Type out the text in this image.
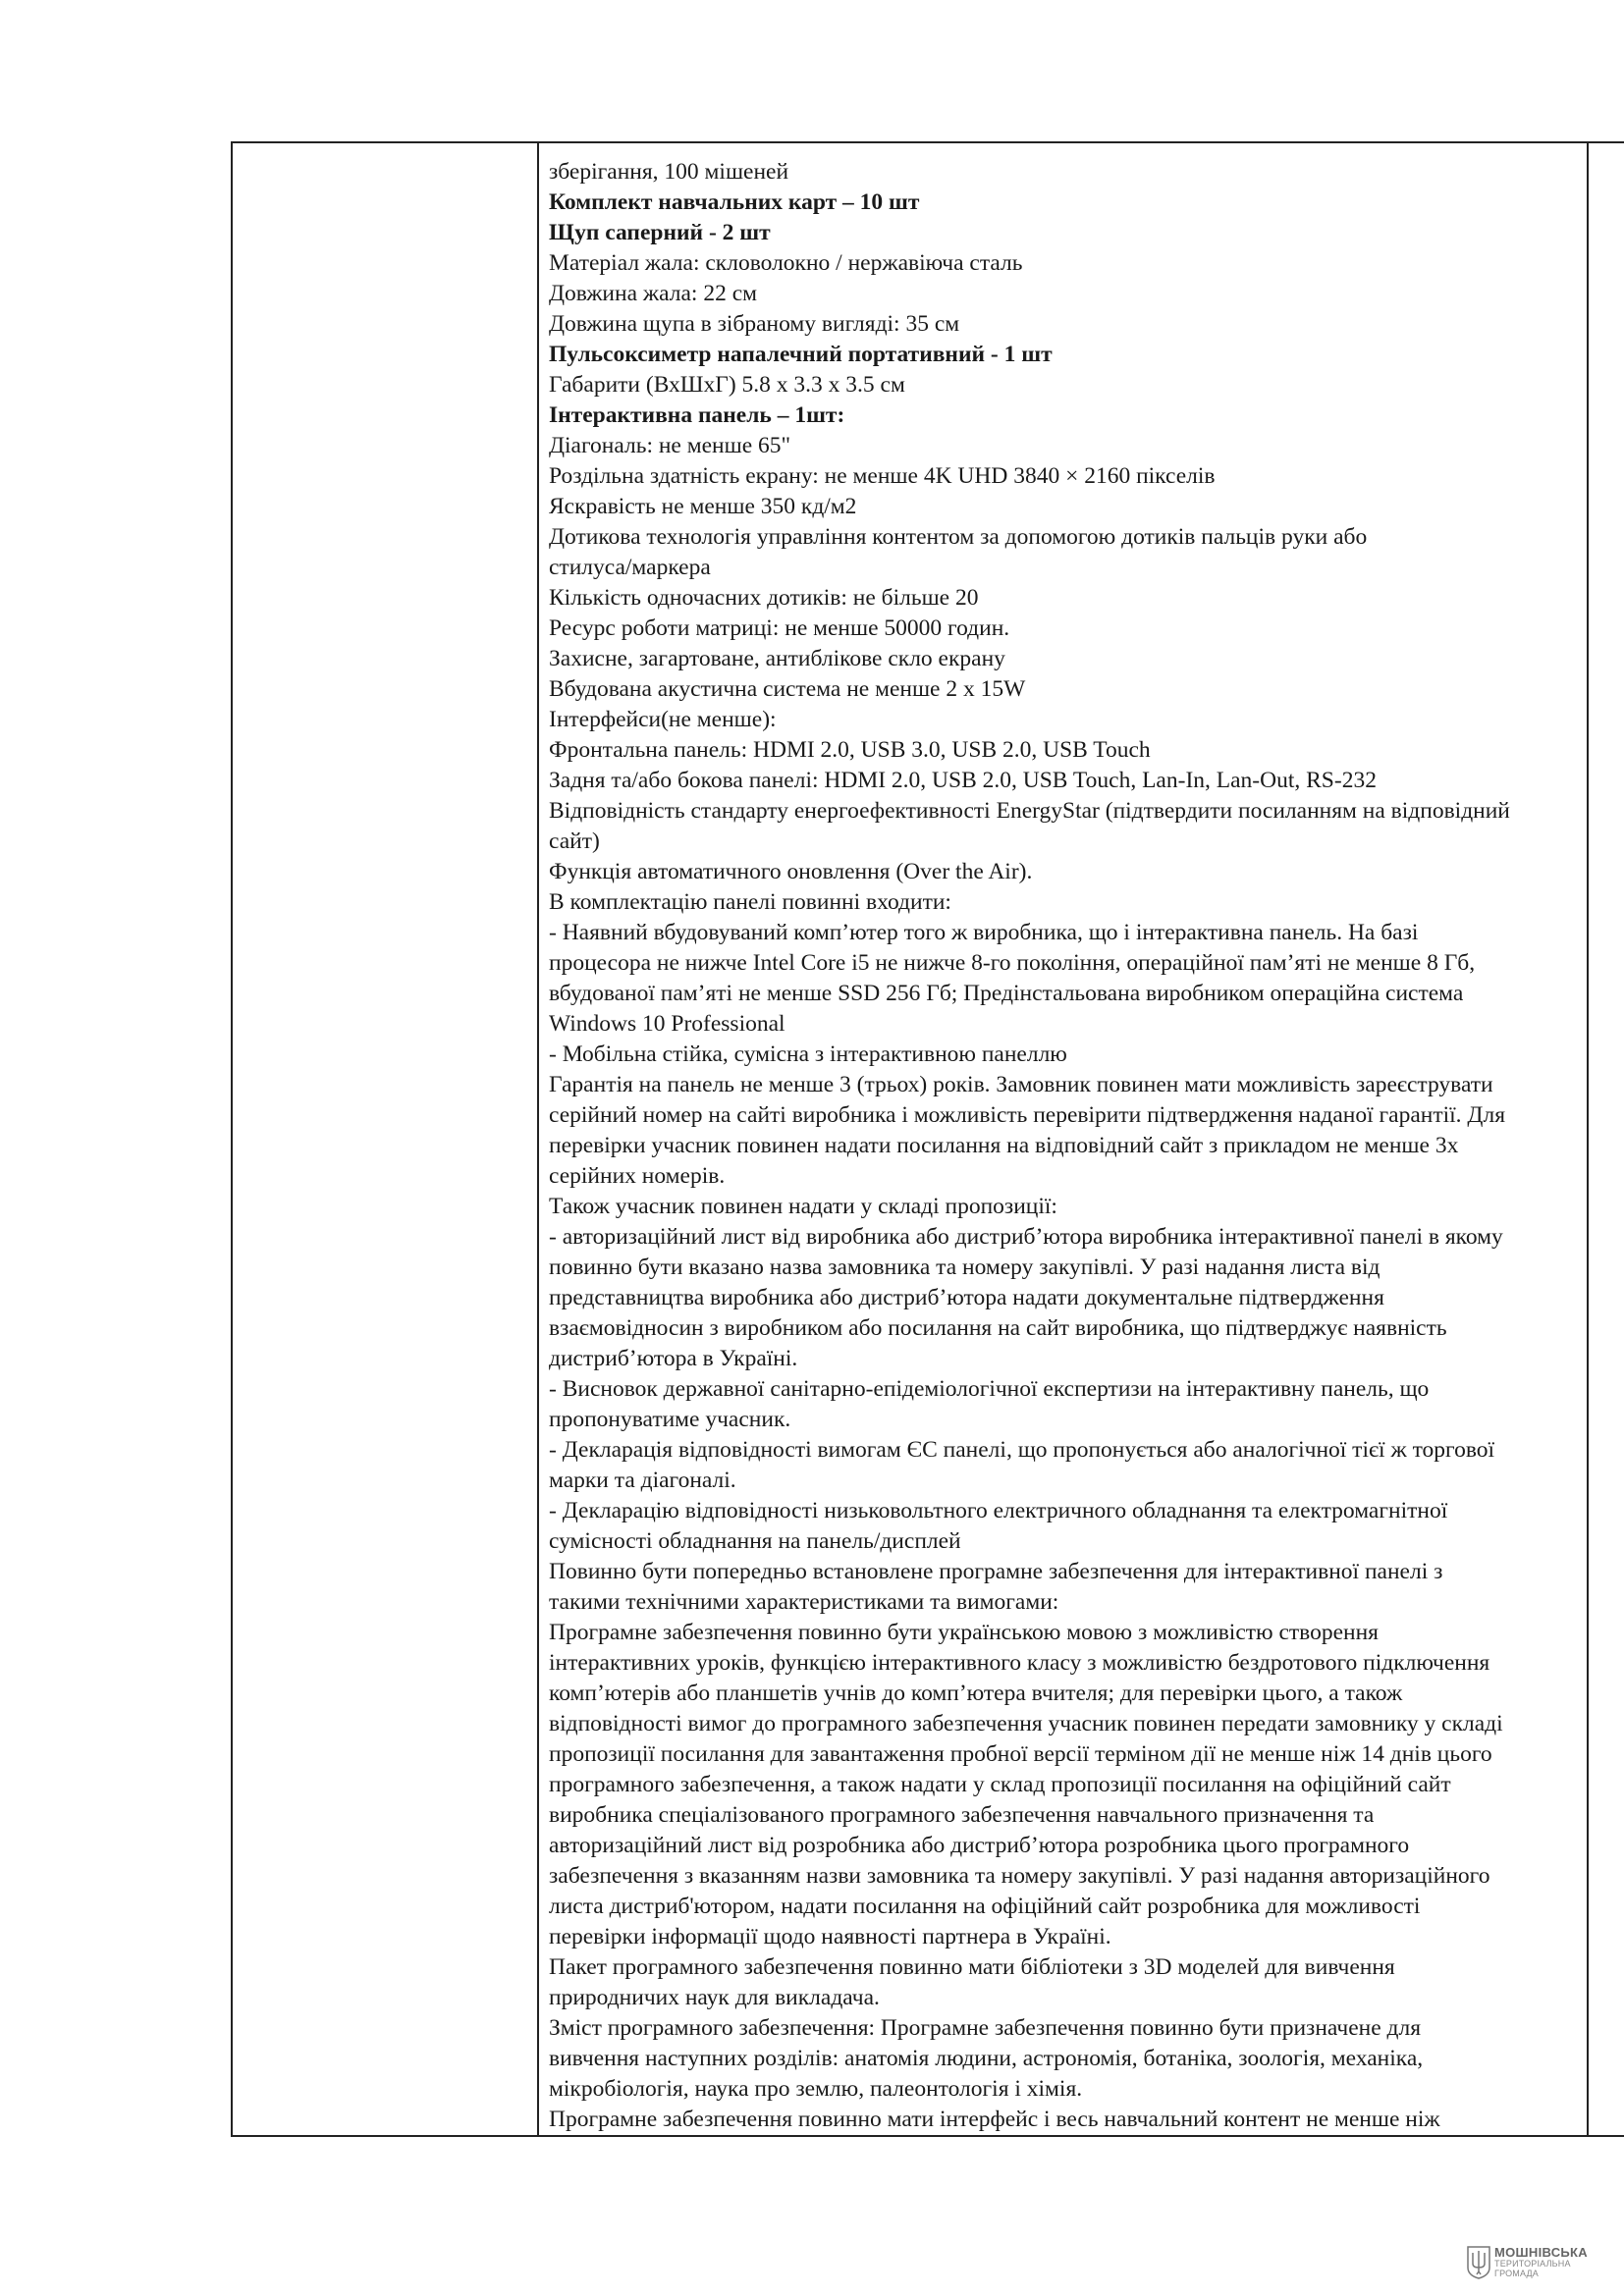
зберігання, 100 мішеней

Комплект навчальних карт – 10 шт

Щуп саперний - 2 шт

Матеріал жала: скловолокно / нержавіюча сталь

Довжина жала: 22 см

Довжина щупа в зібраному вигляді: 35 см

Пульсоксиметр напалечний портативний - 1 шт

Габарити (ВхШхГ) 5.8 x 3.3 x 3.5 см

Інтерактивна панель – 1шт:

Діагональ: не менше 65"

Роздільна здатність екрану: не менше 4K UHD 3840 × 2160 пікселів

Яскравість не менше 350 кд/м2

Дотикова технологія управління контентом за допомогою дотиків пальців руки або

стилуса/маркера

Кількість одночасних дотиків: не більше 20

Ресурс роботи матриці: не менше 50000 годин.

Захисне, загартоване, антиблікове скло екрану

Вбудована акустична система не менше 2 x 15W

Інтерфейси(не менше):

Фронтальна панель: HDMI 2.0, USB 3.0, USB 2.0, USB Touch

Задня та/або бокова панелі: HDMI 2.0, USB 2.0, USB Touch, Lan-In, Lan-Out, RS-232

Відповідність стандарту енергоефективності EnergyStar (підтвердити посиланням на відповідний

сайт)

Функція автоматичного оновлення (Over the Air).

В комплектацію панелі повинні входити:

- Наявний вбудовуваний комп’ютер того ж виробника, що і інтерактивна панель. На базі

процесора не нижче Intel Core i5 не нижче 8-го покоління, операційної пам’яті не менше 8 Гб,

вбудованої пам’яті не менше SSD 256 Гб; Предінстальована виробником операційна система

Windows 10 Professional

- Мобільна стійка, сумісна з інтерактивною панеллю

Гарантія на панель не менше 3 (трьох) років. Замовник повинен мати можливість зареєструвати

серійний номер на сайті виробника і можливість перевірити підтвердження наданої гарантії. Для

перевірки учасник повинен надати посилання на відповідний сайт з прикладом не менше 3х

серійних номерів.

Також учасник повинен надати у складі пропозиції:

- авторизаційний лист від виробника або дистриб’ютора виробника інтерактивної панелі в якому

повинно бути вказано назва замовника та номеру закупівлі. У разі надання листа від

представництва виробника або дистриб’ютора надати документальне підтвердження

взаємовідносин з виробником або посилання на сайт виробника, що підтверджує наявність

дистриб’ютора в Україні.

- Висновок державної санітарно-епідеміологічної експертизи на інтерактивну панель, що

пропонуватиме учасник.

- Декларація відповідності вимогам ЄС панелі, що пропонується або аналогічної тієї ж торгової

марки та діагоналі.

- Декларацію відповідності низьковольтного електричного обладнання та електромагнітної

сумісності обладнання на панель/дисплей

Повинно бути попередньо встановлене програмне забезпечення для інтерактивної панелі з

такими технічними характеристиками та вимогами:

Програмне забезпечення повинно бути українською мовою з можливістю створення

інтерактивних уроків, функцією інтерактивного класу з можливістю бездротового підключення

комп’ютерів або планшетів учнів до комп’ютера вчителя; для перевірки цього, а також

відповідності вимог до програмного забезпечення учасник повинен передати замовнику у складі

пропозиції посилання для завантаження пробної версії терміном дії не менше ніж 14 днів цього

програмного забезпечення, а також надати у склад пропозиції посилання на офіційний сайт

виробника спеціалізованого програмного забезпечення навчального призначення та

авторизаційний лист від розробника або дистриб’ютора розробника цього програмного

забезпечення з вказанням назви замовника та номеру закупівлі. У разі надання авторизаційного

листа дистриб'ютором, надати посилання на офіційний сайт розробника для можливості

перевірки інформації щодо наявності партнера в Україні.

Пакет програмного забезпечення повинно мати бібліотеки з 3D моделей для вивчення

природничих наук для викладача.

Зміст програмного забезпечення: Програмне забезпечення повинно бути призначене для

вивчення наступних розділів: анатомія людини, астрономія, ботаніка, зоологія, механіка,

мікробіологія, наука про землю, палеонтологія і хімія.

Програмне забезпечення повинно мати інтерфейс і весь навчальний контент не менше ніж

МОШНІВСЬКА
ТЕРИТОРІАЛЬНА
ГРОМАДА
